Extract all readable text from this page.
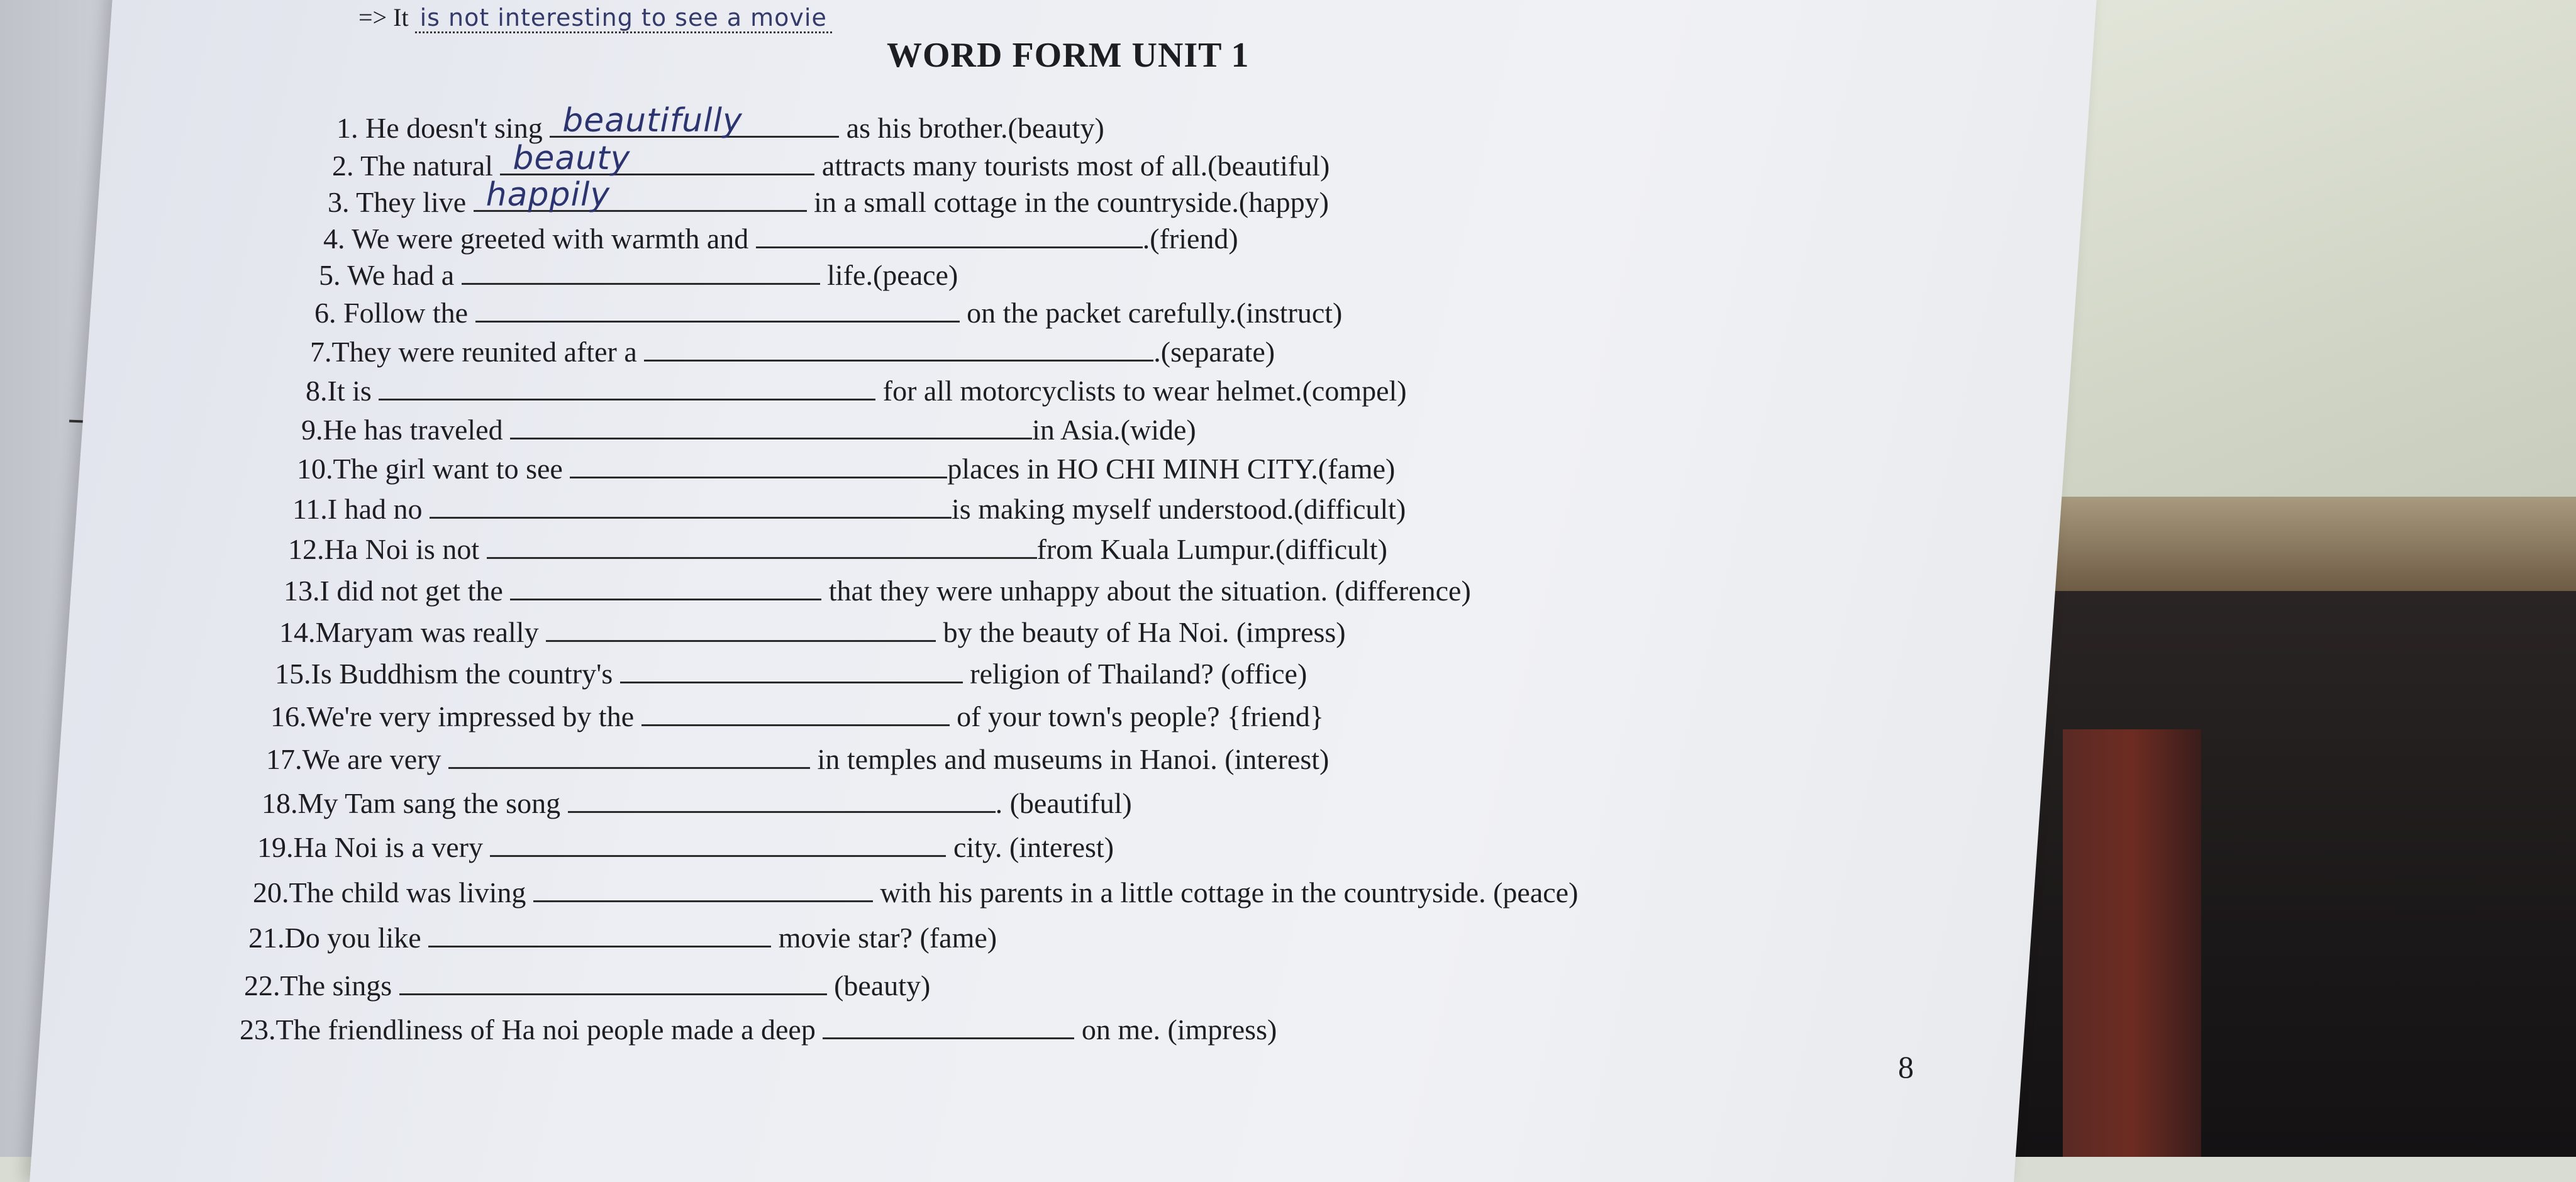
=> It is not interesting to see a movie
WORD FORM UNIT 1
1. He doesn't sing beautifully	as his brother.(beauty)
2. The natural beauty	attracts many tourists most of all.(beautiful)
3. They live happily	in a small cottage in the countryside.(happy)
4. We were greeted with warmth and	.(friend)
5. We had a	life.(peace)
6. Follow the	on the packet carefully.(instruct)
7.They were reunited after a	.(separate)
8.It is	for all motorcyclists to wear helmet.(compel)
9.He has traveled	in Asia.(wide)
10.The girl want to see	places in HO CHI MINH CITY.(fame)
11.I had no	is making myself understood.(difficult)
12.Ha Noi is not	from Kuala Lumpur.(difficult)
13.I did not get the	that they were unhappy about the situation. (difference)
14.Maryam was really	by the beauty of Ha Noi. (impress)
15.Is Buddhism the country's	religion of Thailand? (office)
16.We're very impressed by the	of your town's people? {friend}
17.We are very	in temples and museums in Hanoi. (interest)
18.My Tam sang the song	. (beautiful)
19.Ha Noi is a very	city. (interest)
20.The child was living	with his parents in a little cottage in the countryside. (peace)
21.Do you like	movie star? (fame)
22.The sings	(beauty)
23.The friendliness of Ha noi people made a deep	on me. (impress)
8
